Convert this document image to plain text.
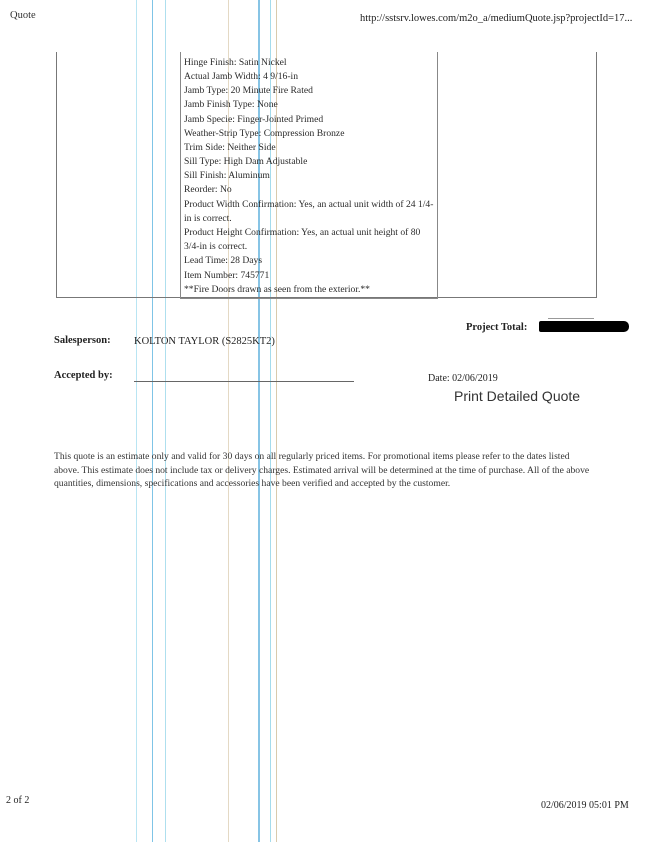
Quote	http://sstsrv.lowes.com/m2o_a/mediumQuote.jsp?projectId=17...
Hinge Finish: Satin Nickel
Actual Jamb Width: 4 9/16-in
Jamb Type: 20 Minute Fire Rated
Jamb Finish Type: None
Jamb Specie: Finger-Jointed Primed
Weather-Strip Type: Compression Bronze
Trim Side: Neither Side
Sill Type: High Dam Adjustable
Sill Finish: Aluminum
Reorder: No
Product Width Confirmation: Yes, an actual unit width of 24 1/4-in is correct.
Product Height Confirmation: Yes, an actual unit height of 80 3/4-in is correct.
Lead Time: 28 Days
Item Number: 745771
**Fire Doors drawn as seen from the exterior.**
Project Total:
Salesperson: KOLTON TAYLOR (S2825KT2)
Accepted by:	Date: 02/06/2019
Print Detailed Quote

This quote is an estimate only and valid for 30 days on all regularly priced items. For promotional items please refer to the dates listed above. This estimate does not include tax or delivery charges. Estimated arrival will be determined at the time of purchase. All of the above quantities, dimensions, specifications and accessories have been verified and accepted by the customer.

2 of 2	02/06/2019 05:01 PM
